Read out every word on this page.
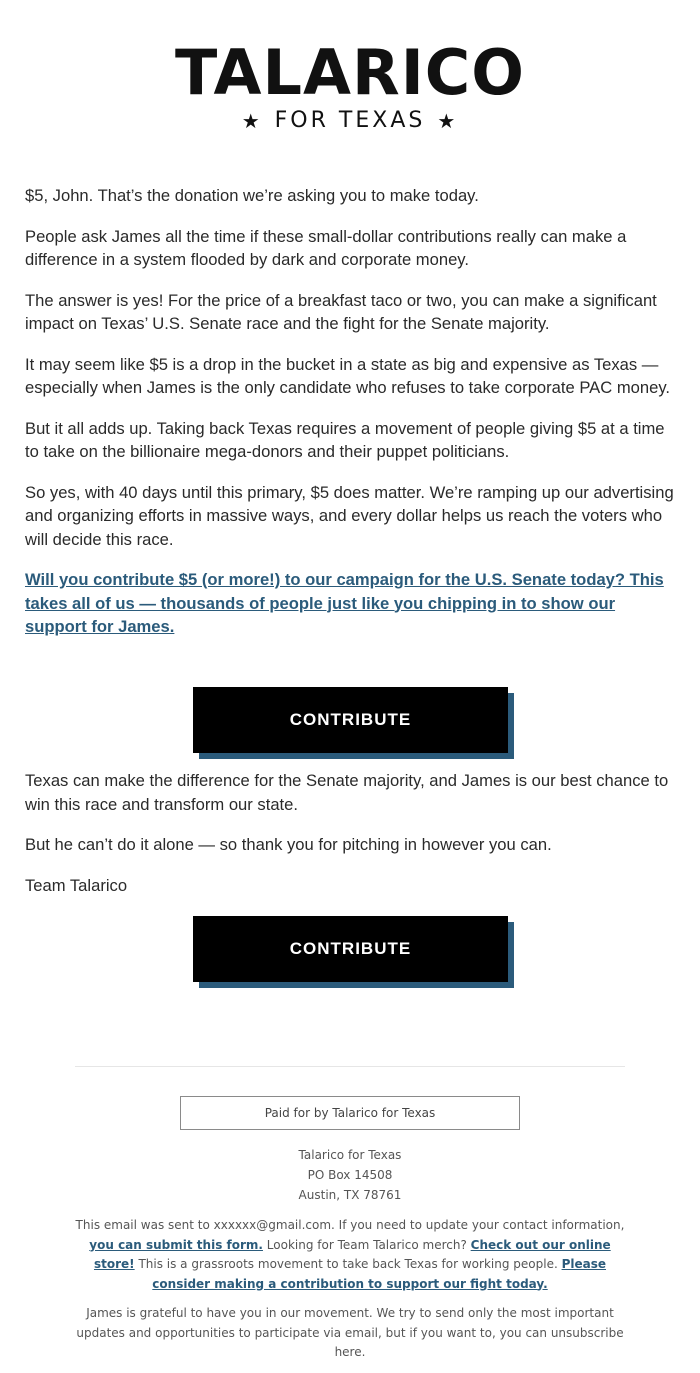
TALARICO
★ FOR TEXAS ★

$5, John. That’s the donation we’re asking you to make today.

People ask James all the time if these small-dollar contributions really can make a difference in a system flooded by dark and corporate money.

The answer is yes! For the price of a breakfast taco or two, you can make a significant impact on Texas’ U.S. Senate race and the fight for the Senate majority.

It may seem like $5 is a drop in the bucket in a state as big and expensive as Texas — especially when James is the only candidate who refuses to take corporate PAC money.

But it all adds up. Taking back Texas requires a movement of people giving $5 at a time to take on the billionaire mega-donors and their puppet politicians.

So yes, with 40 days until this primary, $5 does matter. We’re ramping up our advertising and organizing efforts in massive ways, and every dollar helps us reach the voters who will decide this race.

Will you contribute $5 (or more!) to our campaign for the U.S. Senate today? This takes all of us — thousands of people just like you chipping in to show our support for James.

CONTRIBUTE

Texas can make the difference for the Senate majority, and James is our best chance to win this race and transform our state.

But he can’t do it alone — so thank you for pitching in however you can.

Team Talarico

CONTRIBUTE
Paid for by Talarico for Texas
Talarico for Texas
PO Box 14508
Austin, TX 78761

This email was sent to xxxxxx@gmail.com. If you need to update your contact information, you can submit this form. Looking for Team Talarico merch? Check out our online store! This is a grassroots movement to take back Texas for working people. Please consider making a contribution to support our fight today.

James is grateful to have you in our movement. We try to send only the most important updates and opportunities to participate via email, but if you want to, you can unsubscribe here.
